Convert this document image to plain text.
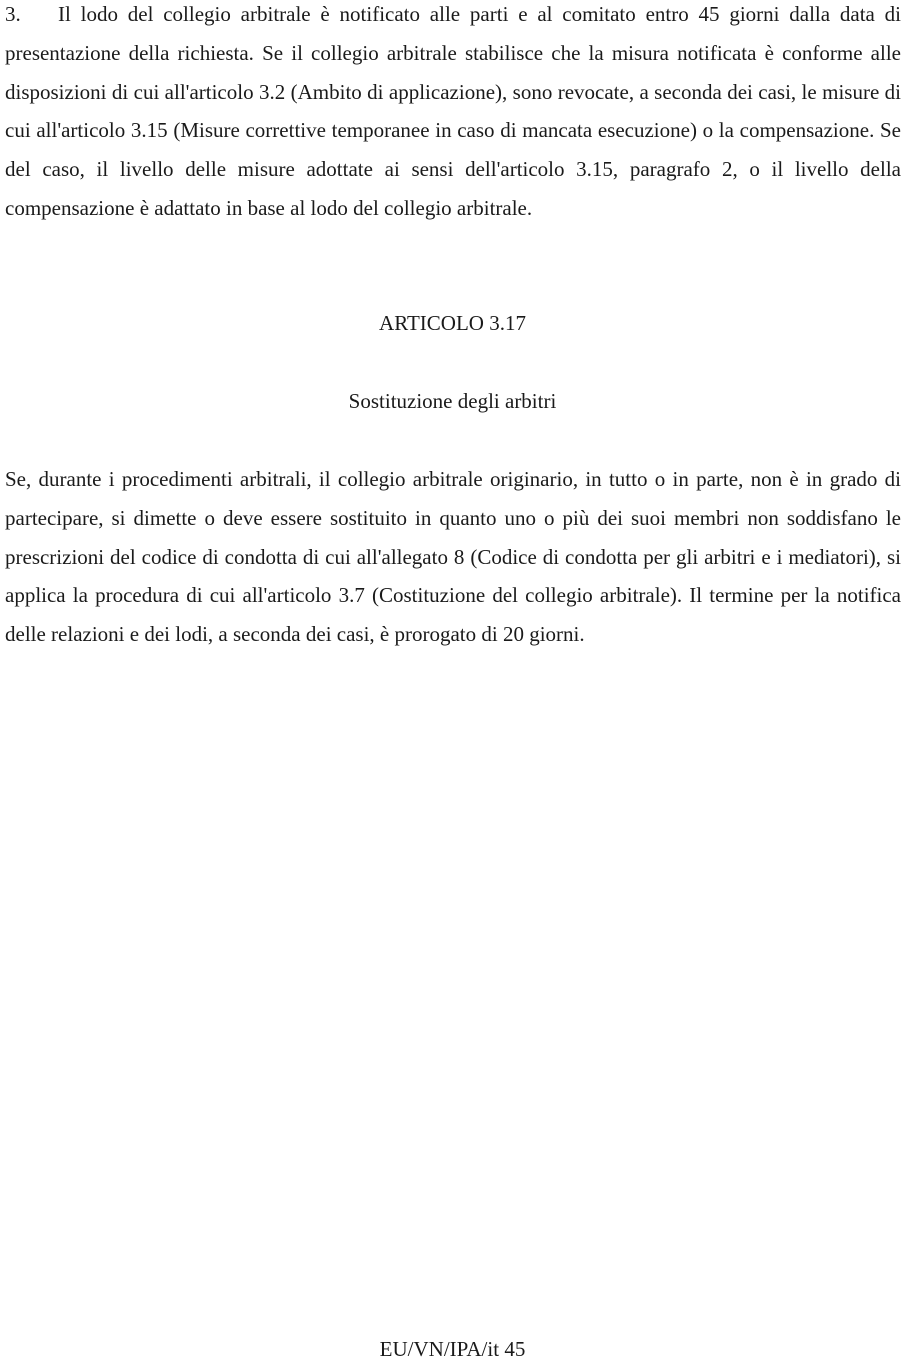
3. Il lodo del collegio arbitrale è notificato alle parti e al comitato entro 45 giorni dalla data di presentazione della richiesta. Se il collegio arbitrale stabilisce che la misura notificata è conforme alle disposizioni di cui all'articolo 3.2 (Ambito di applicazione), sono revocate, a seconda dei casi, le misure di cui all'articolo 3.15 (Misure correttive temporanee in caso di mancata esecuzione) o la compensazione. Se del caso, il livello delle misure adottate ai sensi dell'articolo 3.15, paragrafo 2, o il livello della compensazione è adattato in base al lodo del collegio arbitrale.

ARTICOLO 3.17

Sostituzione degli arbitri

Se, durante i procedimenti arbitrali, il collegio arbitrale originario, in tutto o in parte, non è in grado di partecipare, si dimette o deve essere sostituito in quanto uno o più dei suoi membri non soddisfano le prescrizioni del codice di condotta di cui all'allegato 8 (Codice di condotta per gli arbitri e i mediatori), si applica la procedura di cui all'articolo 3.7 (Costituzione del collegio arbitrale). Il termine per la notifica delle relazioni e dei lodi, a seconda dei casi, è prorogato di 20 giorni.

EU/VN/IPA/it 45
